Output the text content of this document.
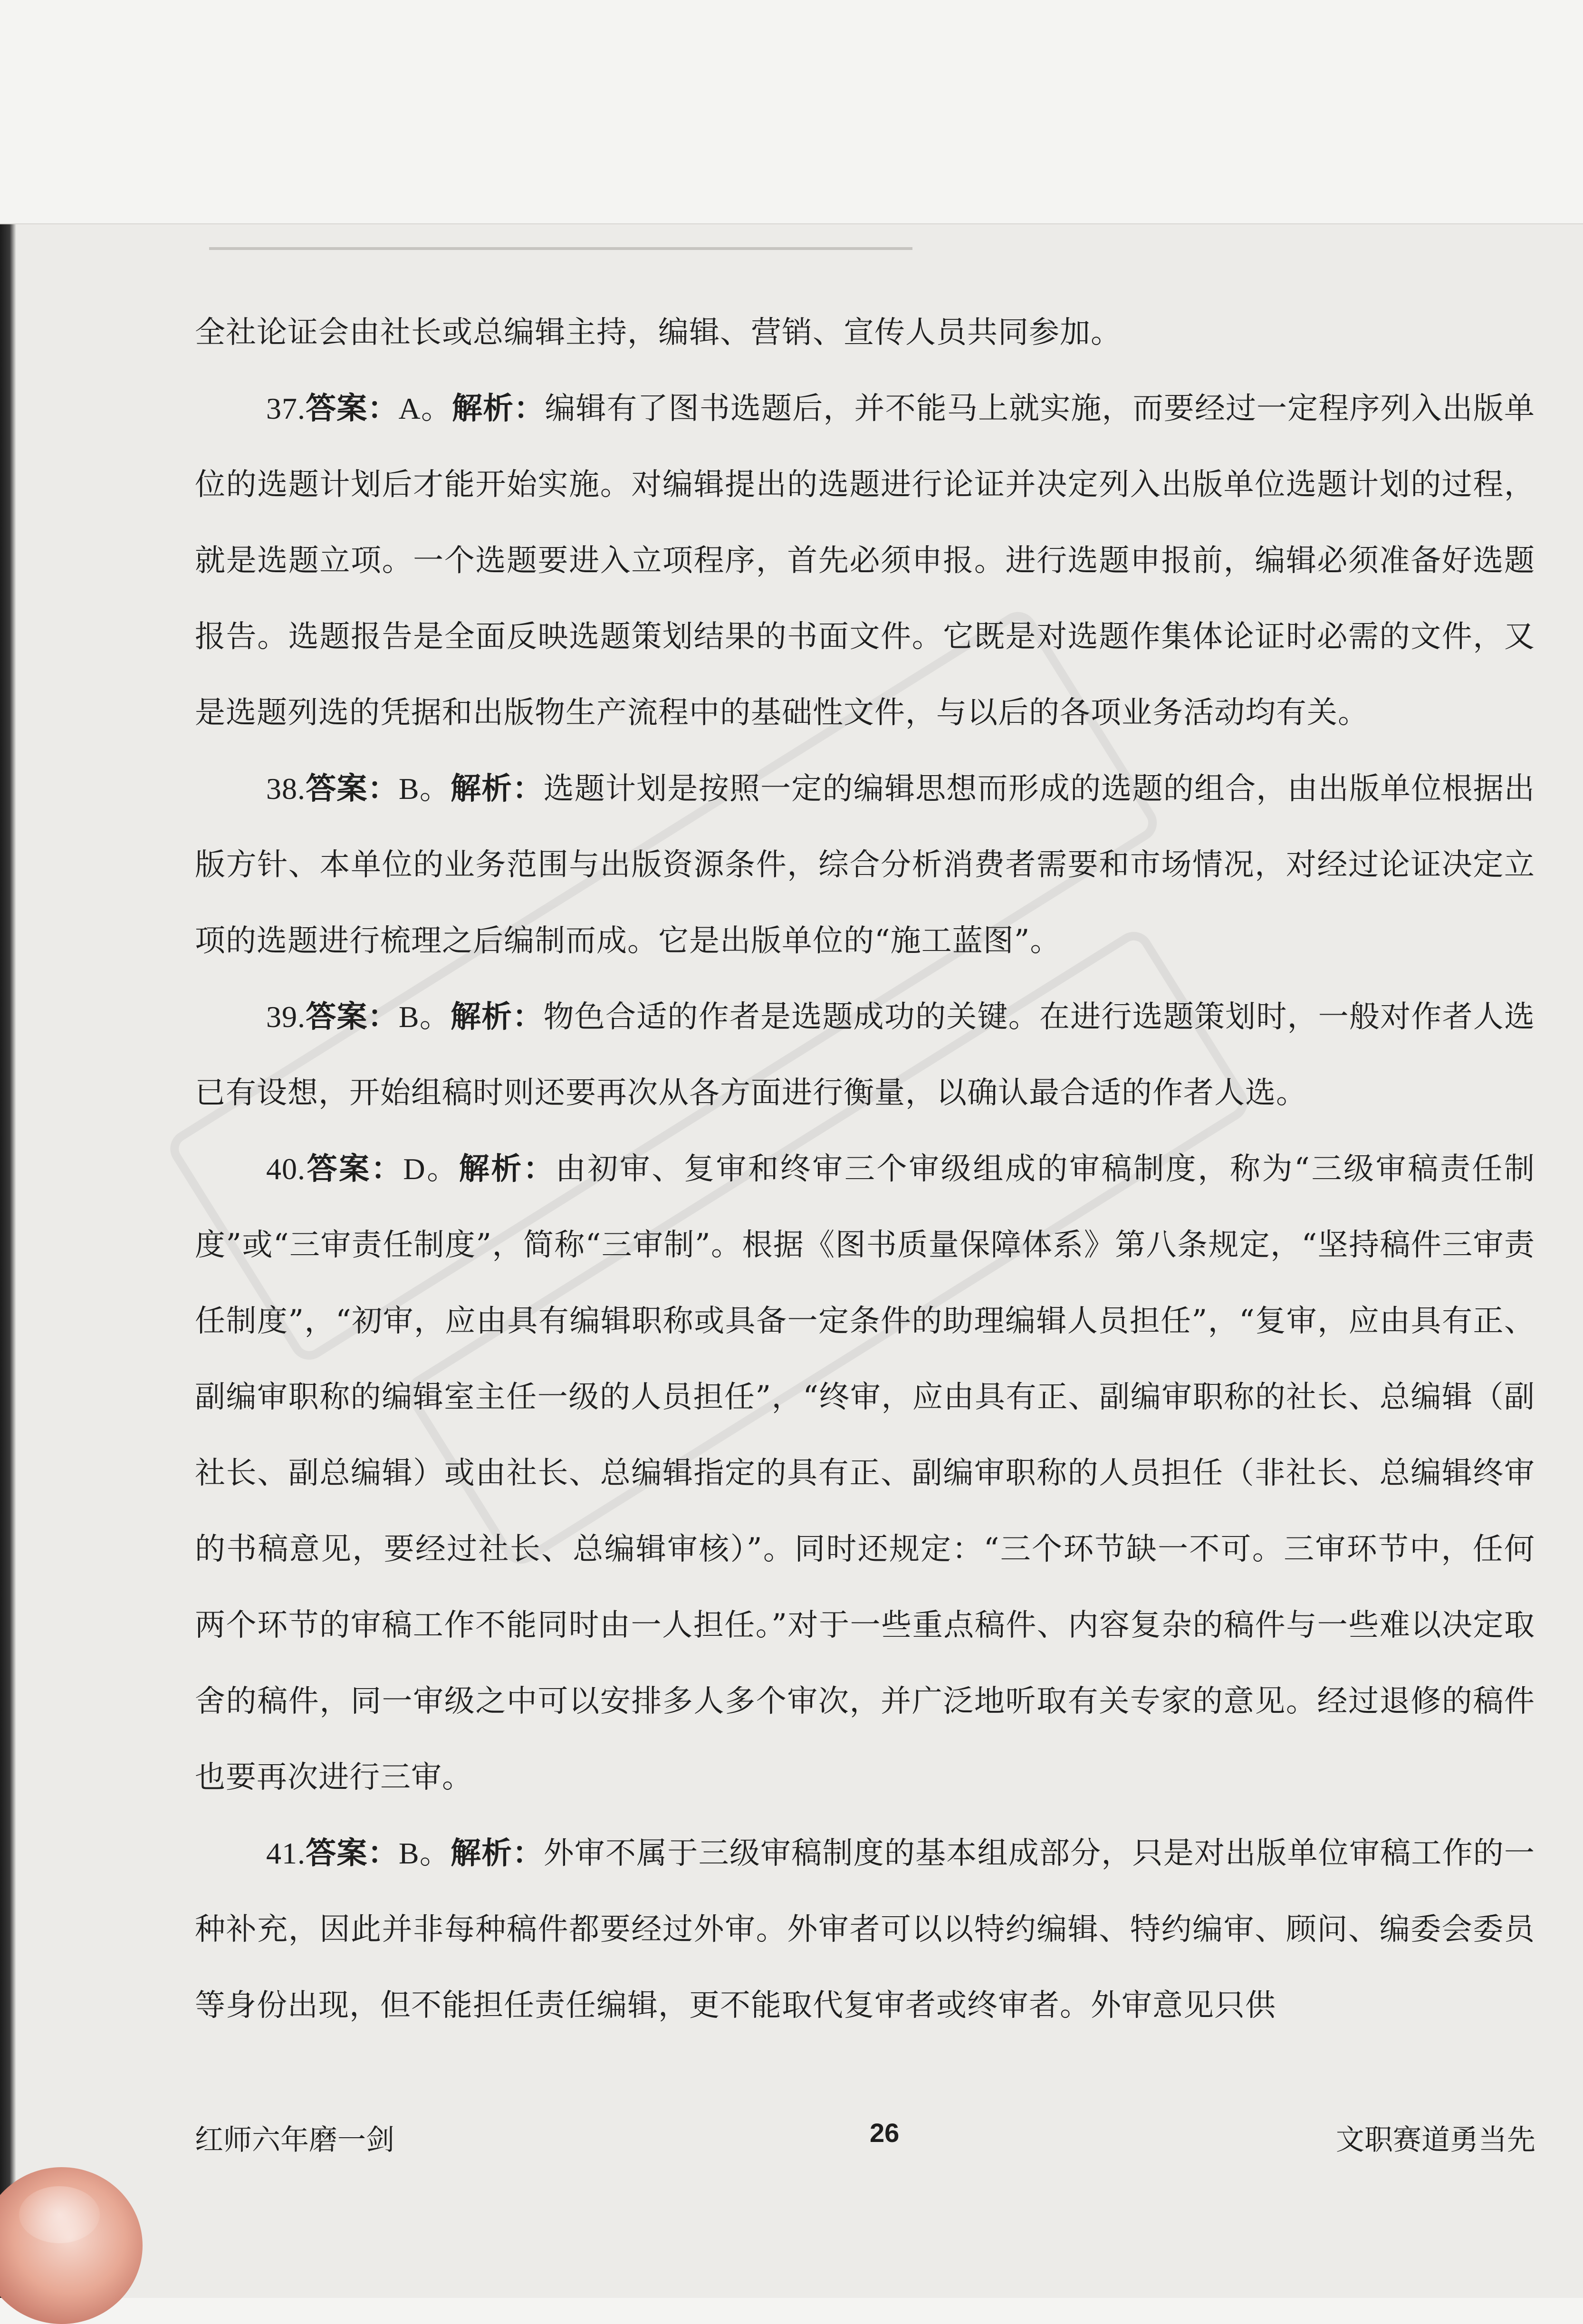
全社论证会由社长或总编辑主持，编辑、营销、宣传人员共同参加。

37.答案：A。解析：编辑有了图书选题后，并不能马上就实施，而要经过一定程序列入出版单位的选题计划后才能开始实施。对编辑提出的选题进行论证并决定列入出版单位选题计划的过程，就是选题立项。一个选题要进入立项程序，首先必须申报。进行选题申报前，编辑必须准备好选题报告。选题报告是全面反映选题策划结果的书面文件。它既是对选题作集体论证时必需的文件，又是选题列选的凭据和出版物生产流程中的基础性文件，与以后的各项业务活动均有关。

38.答案：B。解析：选题计划是按照一定的编辑思想而形成的选题的组合，由出版单位根据出版方针、本单位的业务范围与出版资源条件，综合分析消费者需要和市场情况，对经过论证决定立项的选题进行梳理之后编制而成。它是出版单位的“施工蓝图”。

39.答案：B。解析：物色合适的作者是选题成功的关键。在进行选题策划时，一般对作者人选已有设想，开始组稿时则还要再次从各方面进行衡量，以确认最合适的作者人选。

40.答案：D。解析：由初审、复审和终审三个审级组成的审稿制度，称为“三级审稿责任制度”或“三审责任制度”，简称“三审制”。根据《图书质量保障体系》第八条规定，“坚持稿件三审责任制度”，“初审，应由具有编辑职称或具备一定条件的助理编辑人员担任”，“复审，应由具有正、副编审职称的编辑室主任一级的人员担任”，“终审，应由具有正、副编审职称的社长、总编辑（副社长、副总编辑）或由社长、总编辑指定的具有正、副编审职称的人员担任（非社长、总编辑终审的书稿意见，要经过社长、总编辑审核）”。同时还规定：“三个环节缺一不可。三审环节中，任何两个环节的审稿工作不能同时由一人担任。”对于一些重点稿件、内容复杂的稿件与一些难以决定取舍的稿件，同一审级之中可以安排多人多个审次，并广泛地听取有关专家的意见。经过退修的稿件也要再次进行三审。

41.答案：B。解析：外审不属于三级审稿制度的基本组成部分，只是对出版单位审稿工作的一种补充，因此并非每种稿件都要经过外审。外审者可以以特约编辑、特约编审、顾问、编委会委员等身份出现，但不能担任责任编辑，更不能取代复审者或终审者。外审意见只供

红师六年磨一剑	26	文职赛道勇当先
